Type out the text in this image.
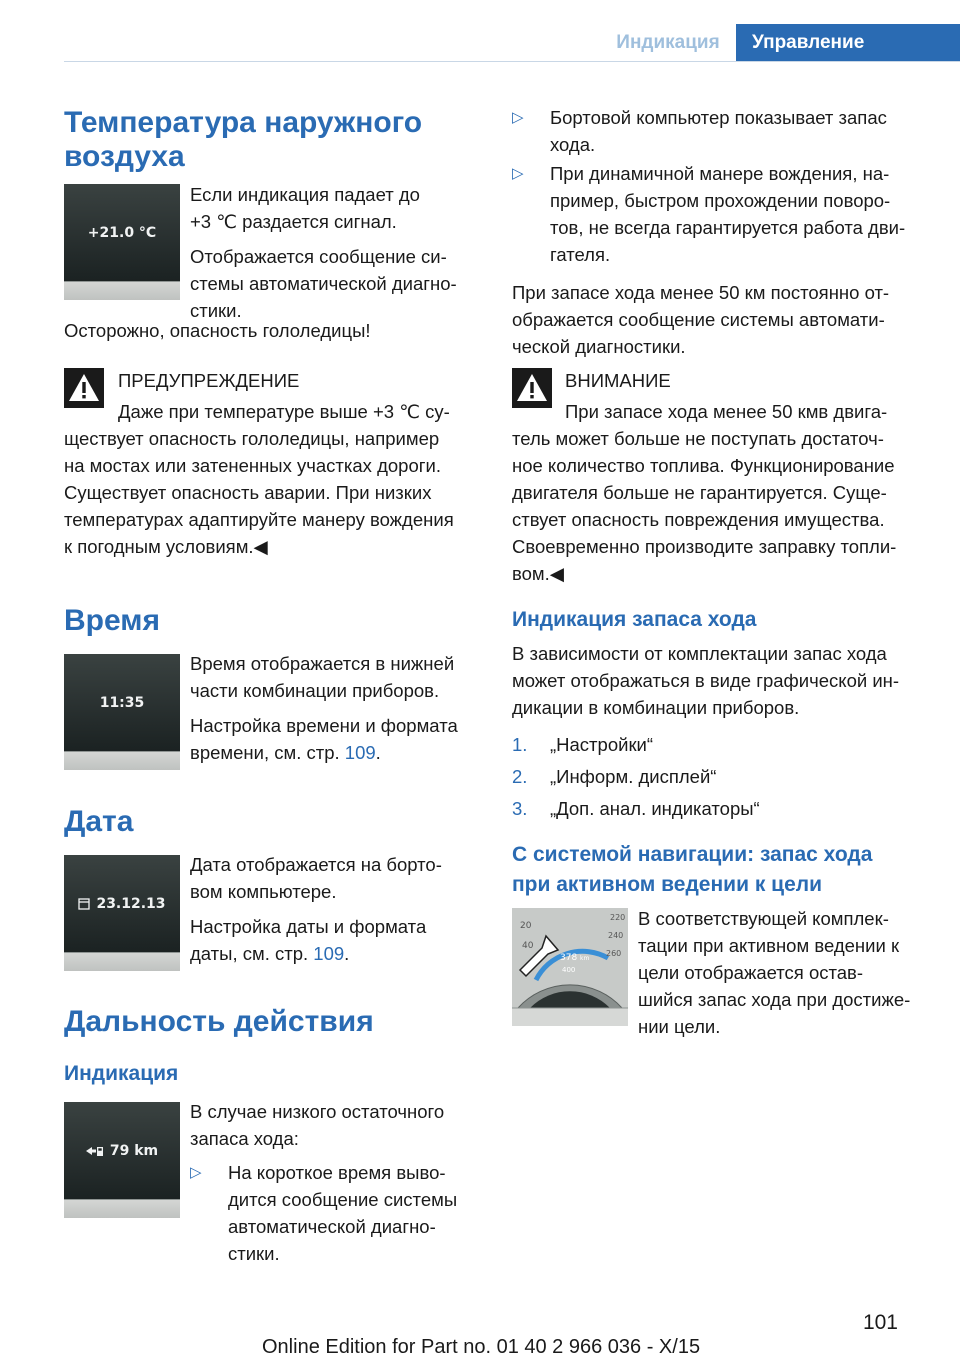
Индикация	Управление
Температура наружного
воздуха
+21.0 °C
Если индикация падает до
+3 ℃ раздается сигнал.
Отображается сообщение си‐
стемы автоматической диагно‐
стики.
Осторожно, опасность гололедицы!
ПРЕДУПРЕЖДЕНИЕ
Даже при температуре выше +3 ℃ су‐
ществует опасность гололедицы, например
на мостах или затененных участках дороги.
Существует опасность аварии. При низких
температурах адаптируйте манеру вождения
к погодным условиям.◀
Время
11:35
Время отображается в нижней
части комбинации приборов.
Настройка времени и формата
времени, см. стр. 109.
Дата
23.12.13
Дата отображается на борто‐
вом компьютере.
Настройка даты и формата
даты, см. стр. 109.
Дальность действия
Индикация
79 km
В случае низкого остаточного
запаса хода:
▷ На короткое время выво‐
дится сообщение системы
автоматической диагно‐
стики.
▷ Бортовой компьютер показывает запас
хода.
▷ При динамичной манере вождения, на‐
пример, быстром прохождении поворо‐
тов, не всегда гарантируется работа дви‐
гателя.
При запасе хода менее 50 км постоянно от‐
ображается сообщение системы автомати‐
ческой диагностики.
ВНИМАНИЕ
При запасе хода менее 50 кмв двига‐
тель может больше не поступать достаточ‐
ное количество топлива. Функционирование
двигателя больше не гарантируется. Суще‐
ствует опасность повреждения имущества.
Своевременно производите заправку топли‐
вом.◀
Индикация запаса хода
В зависимости от комплектации запас хода
может отображаться в виде графической ин‐
дикации в комбинации приборов.
1. „Настройки“
2. „Информ. дисплей“
3. „Доп. анал. индикаторы“
С системой навигации: запас хода
при активном ведении к цели
20
40
220
240
260
378 km
400
В соответствующей комплек‐
тации при активном ведении к
цели отображается остав‐
шийся запас хода при достиже‐
нии цели.
101
Online Edition for Part no. 01 40 2 966 036 - X/15
